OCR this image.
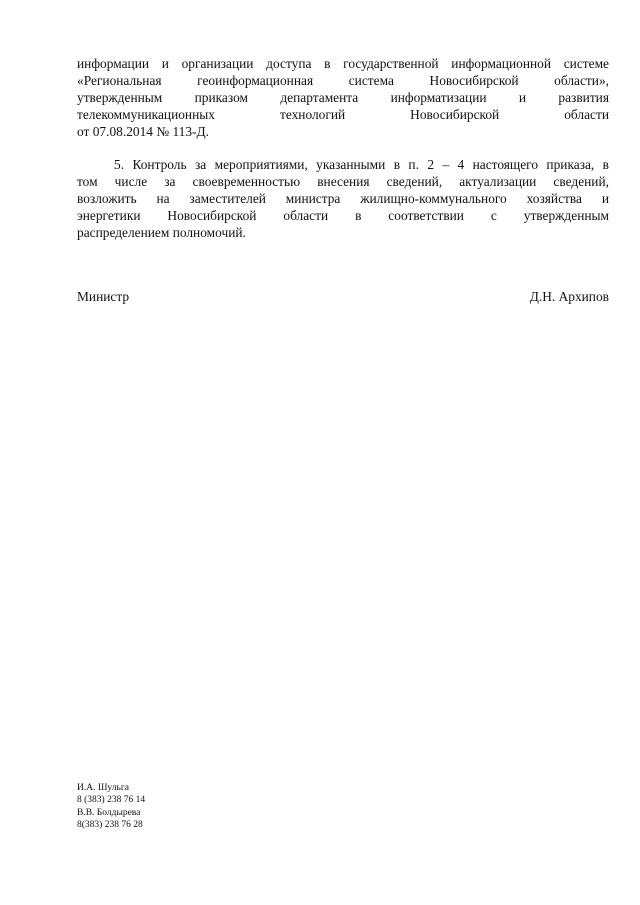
информации и организации доступа в государственной информационной системе
«Региональная геоинформационная система Новосибирской области»,
утвержденным приказом департамента информатизации и развития
телекоммуникационных технологий Новосибирской области
от 07.08.2014 № 113-Д.
5. Контроль за мероприятиями, указанными в п. 2 – 4 настоящего приказа, в
том числе за своевременностью внесения сведений, актуализации сведений,
возложить на заместителей министра жилищно-коммунального хозяйства и
энергетики Новосибирской области в соответствии с утвержденным
распределением полномочий.
Министр	Д.Н. Архипов
И.А. Шульга
8 (383) 238 76 14
В.В. Болдырева
8(383) 238 76 28
